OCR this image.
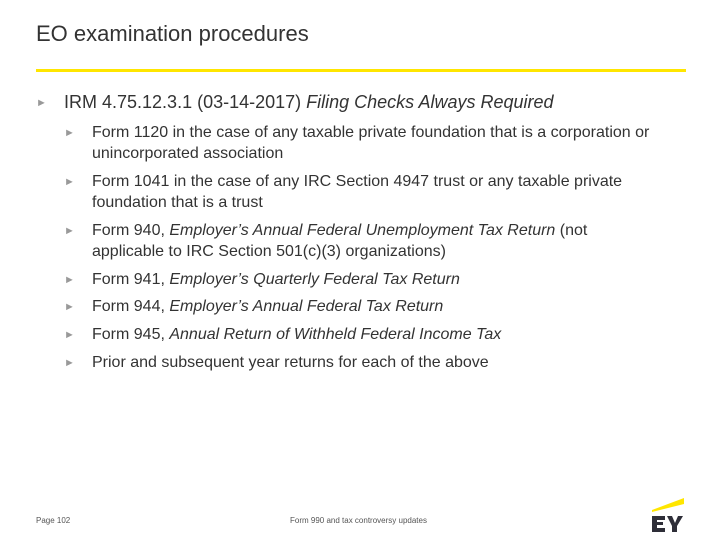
EO examination procedures
► IRM 4.75.12.3.1 (03-14-2017) Filing Checks Always Required
► Form 1120 in the case of any taxable private foundation that is a corporation or unincorporated association
► Form 1041 in the case of any IRC Section 4947 trust or any taxable private foundation that is a trust
► Form 940, Employer’s Annual Federal Unemployment Tax Return (not applicable to IRC Section 501(c)(3) organizations)
► Form 941, Employer’s Quarterly Federal Tax Return
► Form 944, Employer’s Annual Federal Tax Return
► Form 945, Annual Return of Withheld Federal Income Tax
► Prior and subsequent year returns for each of the above
Page 102	Form 990 and tax controversy updates
